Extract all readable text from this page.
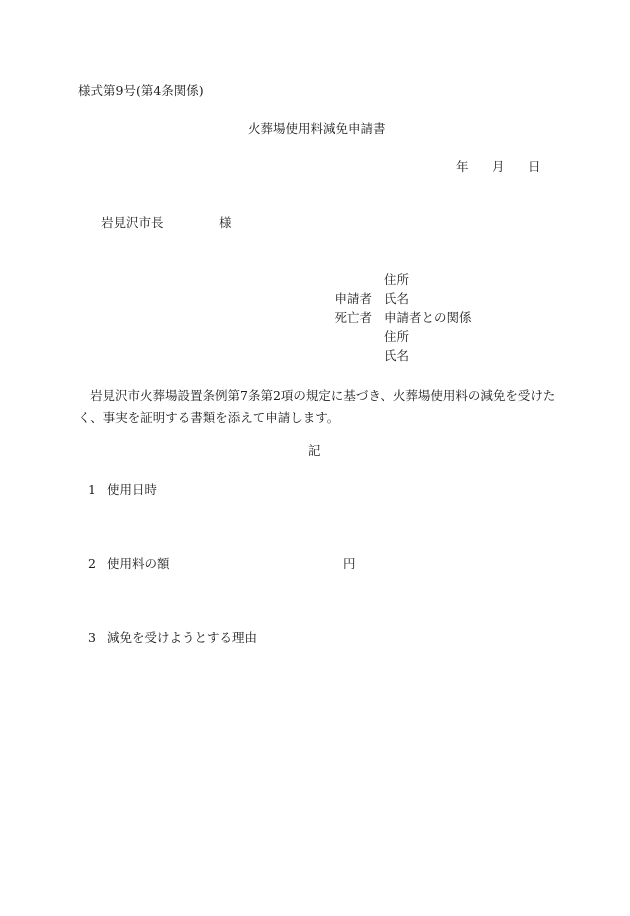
様式第9号(第4条関係)
火葬場使用料減免申請書
年 月 日
岩見沢市長	様
住所
申請者 氏名
死亡者 申請者との関係
住所
氏名
岩見沢市火葬場設置条例第7条第2項の規定に基づき、火葬場使用料の減免を受けたく、事実を証明する書類を添えて申請します。
記
1 使用日時
2 使用料の額	円
3 減免を受けようとする理由
